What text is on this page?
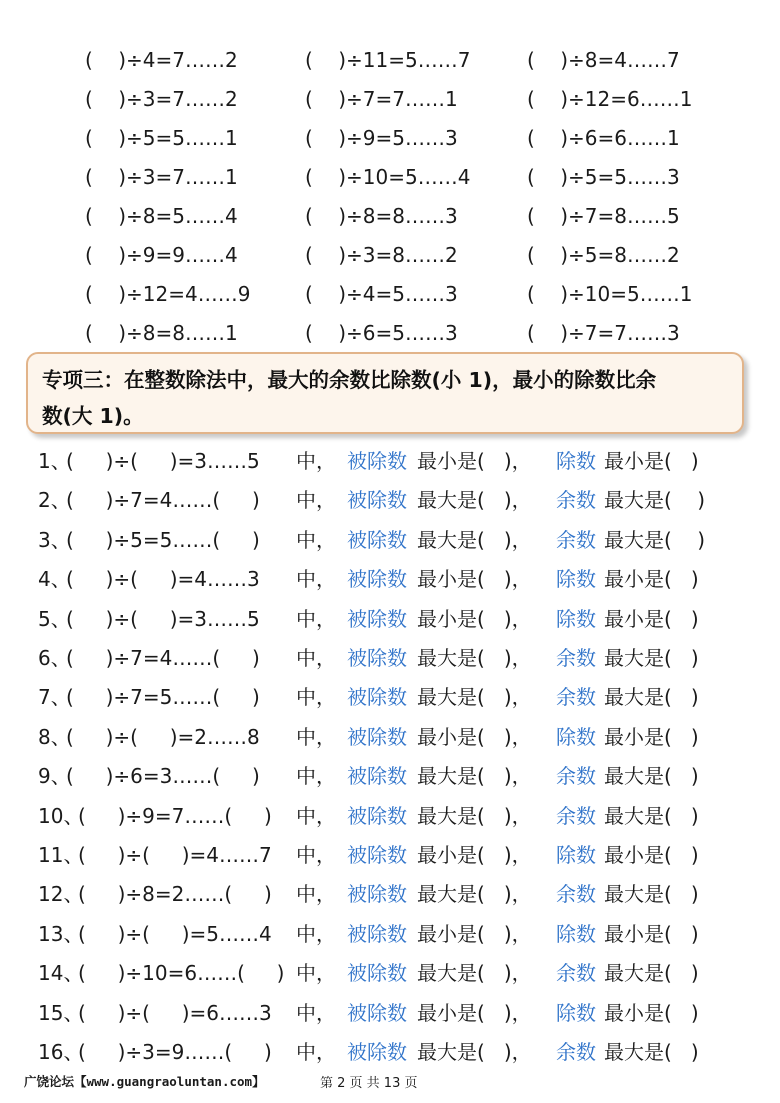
(    )÷4=7……2	(    )÷11=5……7	(    )÷8=4……7
(    )÷3=7……2	(    )÷7=7……1	(    )÷12=6……1
(    )÷5=5……1	(    )÷9=5……3	(    )÷6=6……1
(    )÷3=7……1	(    )÷10=5……4	(    )÷5=5……3
(    )÷8=5……4	(    )÷8=8……3	(    )÷7=8……5
(    )÷9=9……4	(    )÷3=8……2	(    )÷5=8……2
(    )÷12=4……9	(    )÷4=5……3	(    )÷10=5……1
(    )÷8=8……1	(    )÷6=5……3	(    )÷7=7……3
专项三：在整数除法中，最大的余数比除数(小 1)，最小的除数比余
数(大 1)。
1、
(     )÷(     )=3……5 中， 被除数 最小是(   )， 除数 最小是(   )
2、
(     )÷7=4……(     ) 中， 被除数 最大是(   )， 余数 最大是(    )
3、
(     )÷5=5……(     ) 中， 被除数 最大是(   )， 余数 最大是(    )
4、
(     )÷(     )=4……3 中， 被除数 最小是(   )， 除数 最小是(   )
5、
(     )÷(     )=3……5 中， 被除数 最小是(   )， 除数 最小是(   )
6、
(     )÷7=4……(     ) 中， 被除数 最大是(   )， 余数 最大是(   )
7、
(     )÷7=5……(     ) 中， 被除数 最大是(   )， 余数 最大是(   )
8、
(     )÷(     )=2……8 中， 被除数 最小是(   )， 除数 最小是(   )
9、
(     )÷6=3……(     ) 中， 被除数 最大是(   )， 余数 最大是(   )
10、
(     )÷9=7……(     ) 中， 被除数 最大是(   )， 余数 最大是(   )
11、
(     )÷(     )=4……7 中， 被除数 最小是(   )， 除数 最小是(   )
12、
(     )÷8=2……(     ) 中， 被除数 最大是(   )， 余数 最大是(   )
13、
(     )÷(     )=5……4 中， 被除数 最小是(   )， 除数 最小是(   )
14、
(     )÷10=6……(     ) 中， 被除数 最大是(   )， 余数 最大是(   )
15、
(     )÷(     )=6……3 中， 被除数 最小是(   )， 除数 最小是(   )
16、
(     )÷3=9……(     ) 中， 被除数 最大是(   )， 余数 最大是(   )
广饶论坛【www.guangraoluntan.com】	第 2 页 共 13 页
